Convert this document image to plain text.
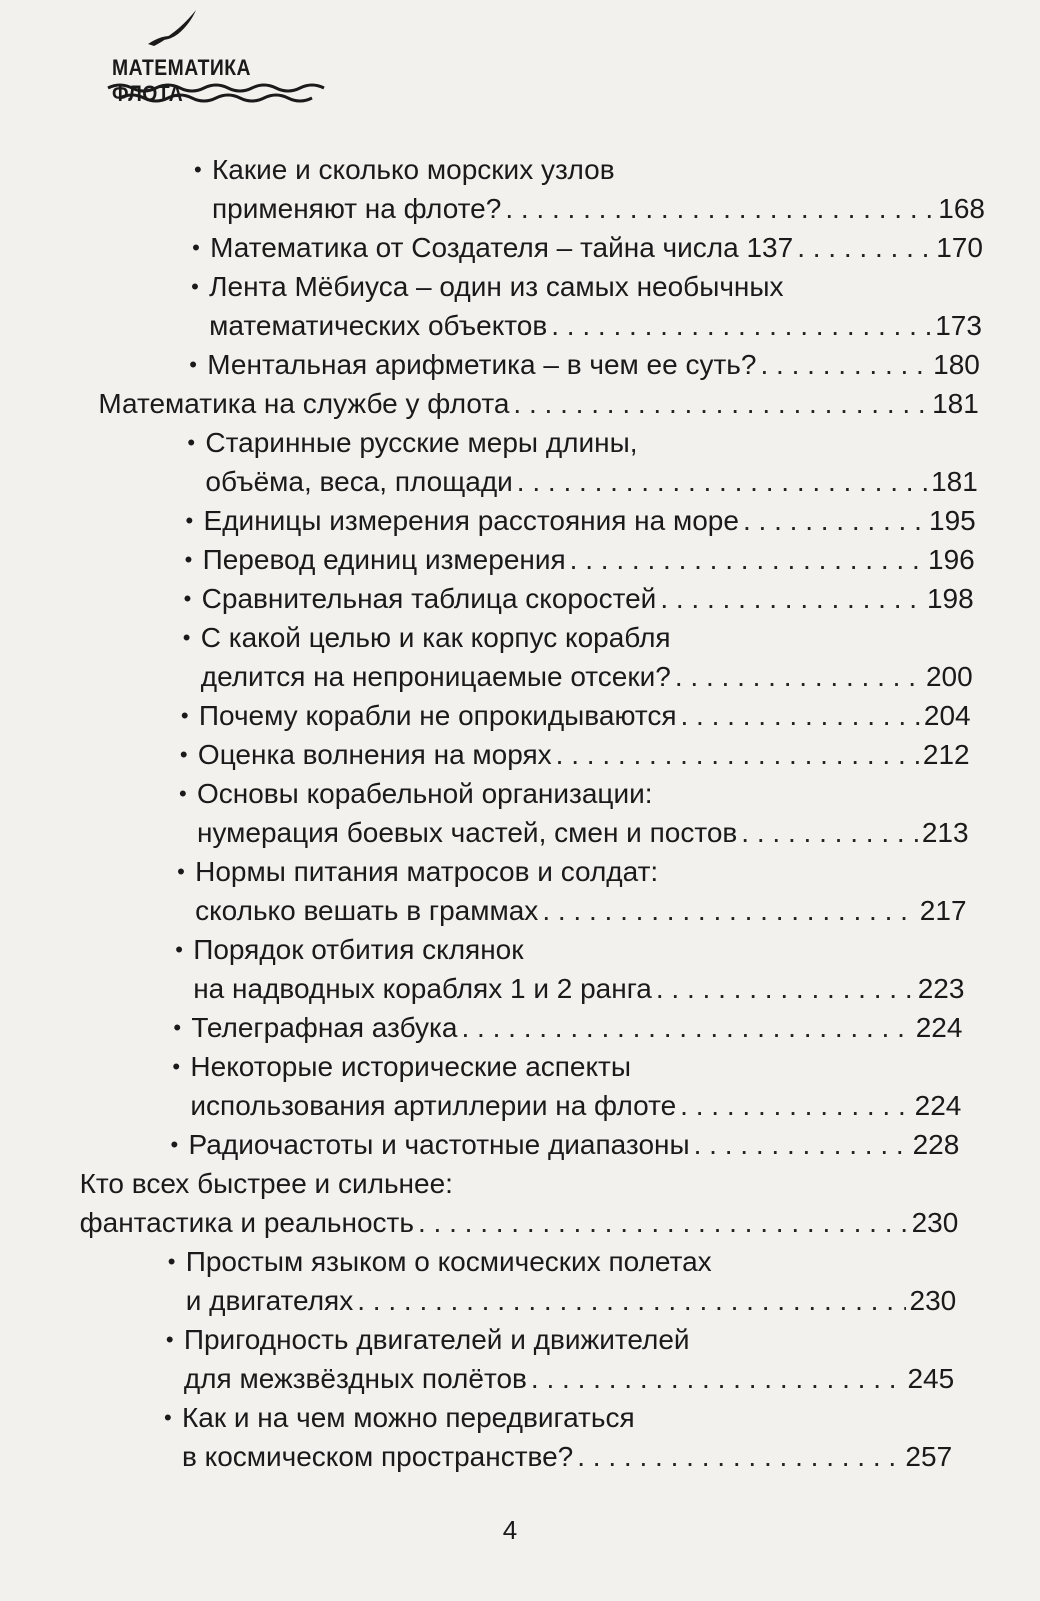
МАТЕМАТИКА ФЛОТА
• Какие и сколько морских узлов
применяют на флоте? . . .	168
• Математика от Создателя – тайна числа 137 . . .	170
• Лента Мёбиуса – один из самых необычных
математических объектов . . .	173
• Ментальная арифметика – в чем ее суть? . . .	180
Математика на службе у флота . . .	181
• Старинные русские меры длины,
объёма, веса, площади . . .	181
• Единицы измерения расстояния на море . . .	195
• Перевод единиц измерения . . .	196
• Сравнительная таблица скоростей . . .	198
• С какой целью и как корпус корабля
делится на непроницаемые отсеки? . . .	200
• Почему корабли не опрокидываются . . .	204
• Оценка волнения на морях . . .	212
• Основы корабельной организации:
нумерация боевых частей, смен и постов . . .	213
• Нормы питания матросов и солдат:
сколько вешать в граммах . . .	217
• Порядок отбития склянок
на надводных кораблях 1 и 2 ранга . . .	223
• Телеграфная азбука . . .	224
• Некоторые исторические аспекты
использования артиллерии на флоте . . .	224
• Радиочастоты и частотные диапазоны . . .	228
Кто всех быстрее и сильнее:
фантастика и реальность . . .	230
• Простым языком о космических полетах
и двигателях . . .	230
• Пригодность двигателей и движителей
для межзвёздных полётов . . .	245
• Как и на чем можно передвигаться
в космическом пространстве? . . .	257
4
